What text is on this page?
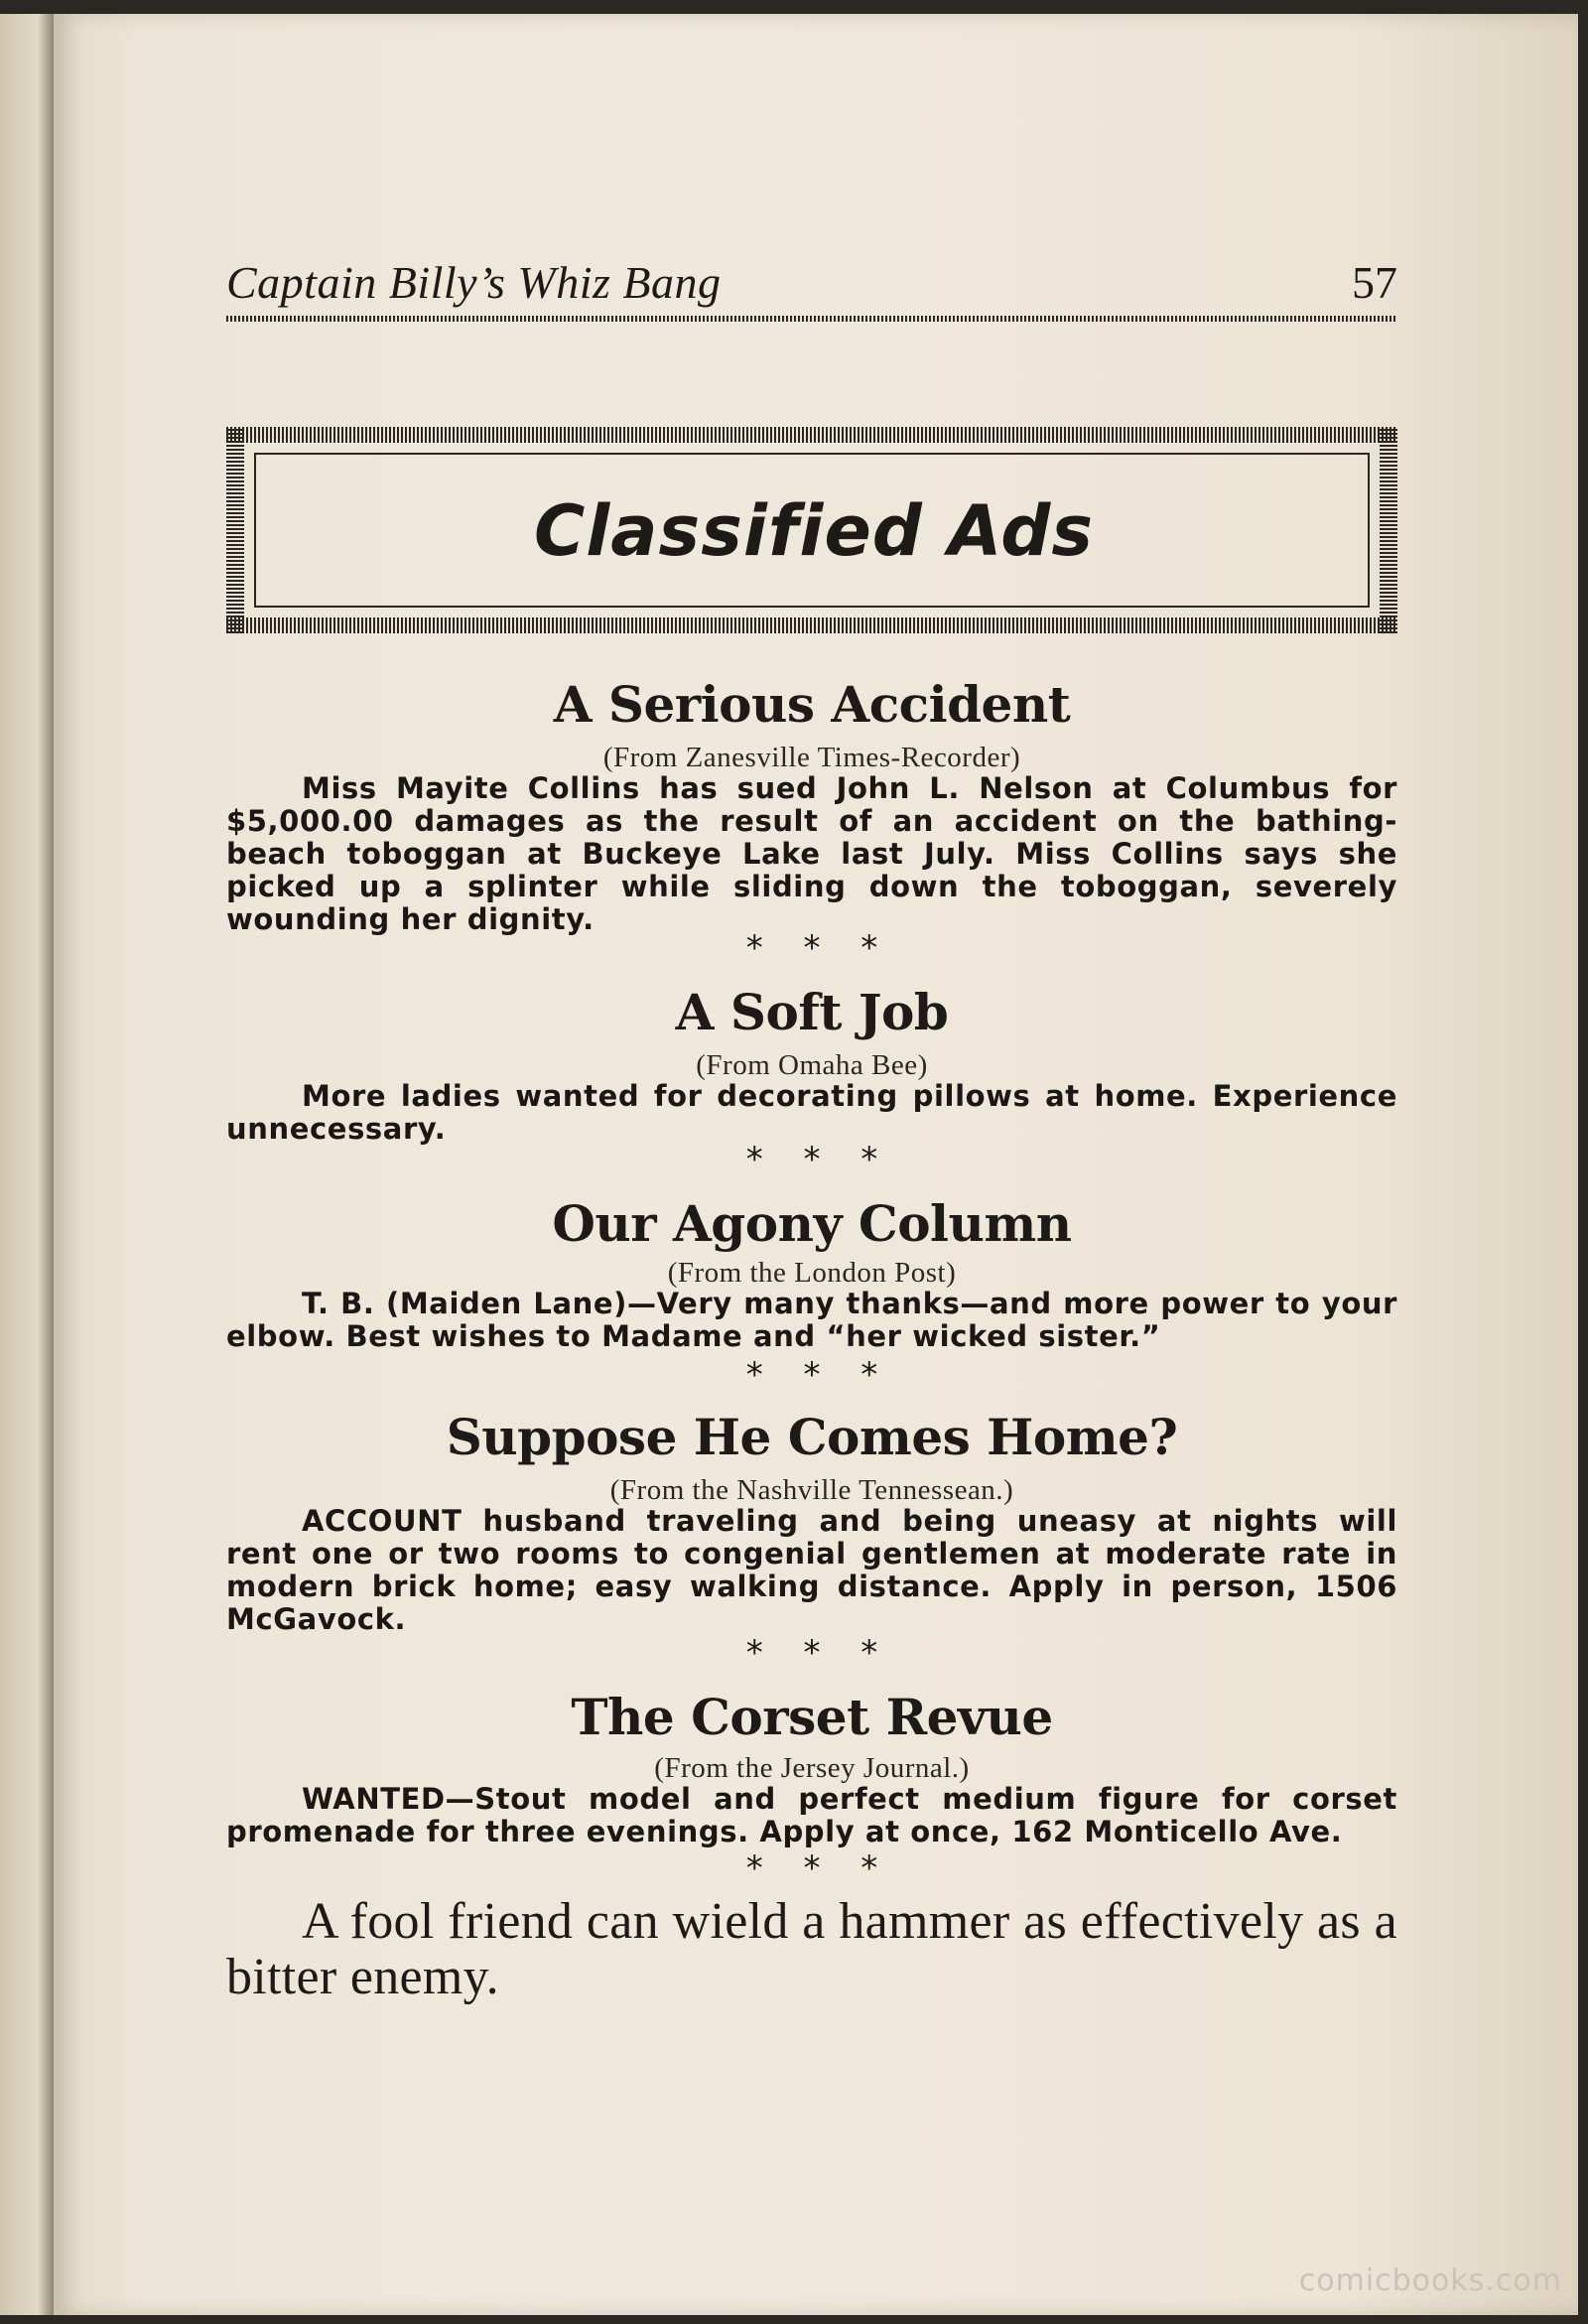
Captain Billy’s Whiz Bang	57
Classified Ads
A Serious Accident
(From Zanesville Times-Recorder)
Miss Mayite Collins has sued John L. Nelson at Columbus for $5,000.00 damages as the result of an accident on the bathing-beach toboggan at Buckeye Lake last July. Miss Collins says she picked up a splinter while sliding down the toboggan, severely wounding her dignity.
* * *
A Soft Job
(From Omaha Bee)
More ladies wanted for decorating pillows at home. Experience unnecessary.
* * *
Our Agony Column
(From the London Post)
T. B. (Maiden Lane)—Very many thanks—and more power to your elbow. Best wishes to Madame and “her wicked sister.”
* * *
Suppose He Comes Home?
(From the Nashville Tennessean.)
ACCOUNT husband traveling and being uneasy at nights will rent one or two rooms to congenial gentlemen at moderate rate in modern brick home; easy walking distance. Apply in person, 1506 McGavock.
* * *
The Corset Revue
(From the Jersey Journal.)
WANTED—Stout model and perfect medium figure for corset promenade for three evenings. Apply at once, 162 Monticello Ave.
* * *
A fool friend can wield a hammer as effectively as a bitter enemy.
comicbooks.com
